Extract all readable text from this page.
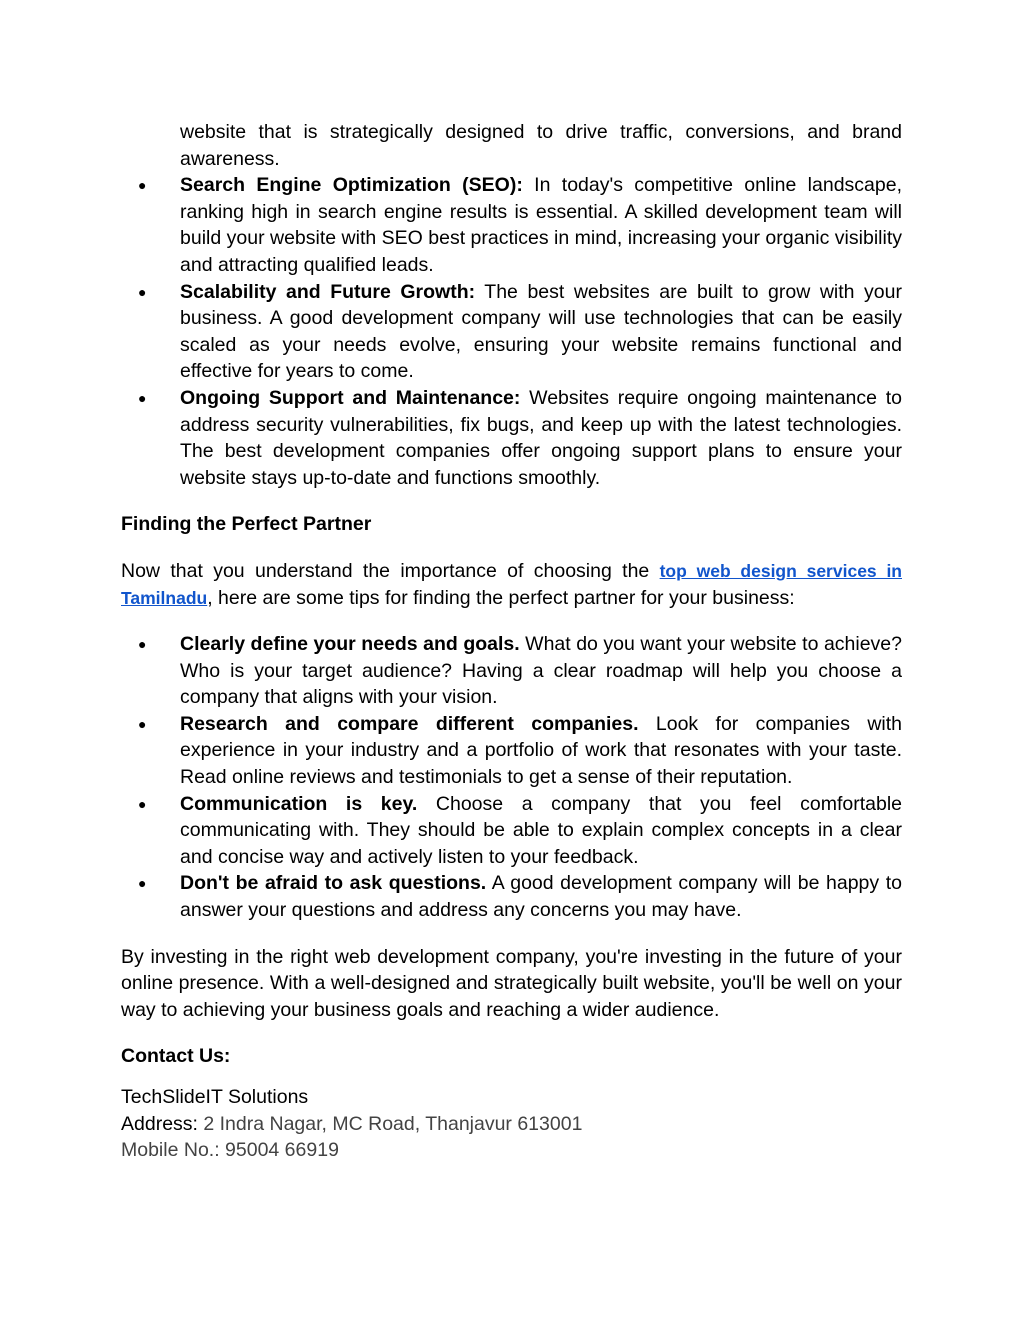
website that is strategically designed to drive traffic, conversions, and brand awareness.

● Search Engine Optimization (SEO): In today's competitive online landscape, ranking high in search engine results is essential. A skilled development team will build your website with SEO best practices in mind, increasing your organic visibility and attracting qualified leads.
● Scalability and Future Growth: The best websites are built to grow with your business. A good development company will use technologies that can be easily scaled as your needs evolve, ensuring your website remains functional and effective for years to come.
● Ongoing Support and Maintenance: Websites require ongoing maintenance to address security vulnerabilities, fix bugs, and keep up with the latest technologies. The best development companies offer ongoing support plans to ensure your website stays up-to-date and functions smoothly.

Finding the Perfect Partner

Now that you understand the importance of choosing the top web design services in Tamilnadu, here are some tips for finding the perfect partner for your business:

● Clearly define your needs and goals. What do you want your website to achieve? Who is your target audience? Having a clear roadmap will help you choose a company that aligns with your vision.
● Research and compare different companies. Look for companies with experience in your industry and a portfolio of work that resonates with your taste. Read online reviews and testimonials to get a sense of their reputation.
● Communication is key. Choose a company that you feel comfortable communicating with. They should be able to explain complex concepts in a clear and concise way and actively listen to your feedback.
● Don't be afraid to ask questions. A good development company will be happy to answer your questions and address any concerns you may have.

By investing in the right web development company, you're investing in the future of your online presence. With a well-designed and strategically built website, you'll be well on your way to achieving your business goals and reaching a wider audience.

Contact Us:

TechSlideIT Solutions
Address: 2 Indra Nagar, MC Road, Thanjavur 613001
Mobile No.: 95004 66919
